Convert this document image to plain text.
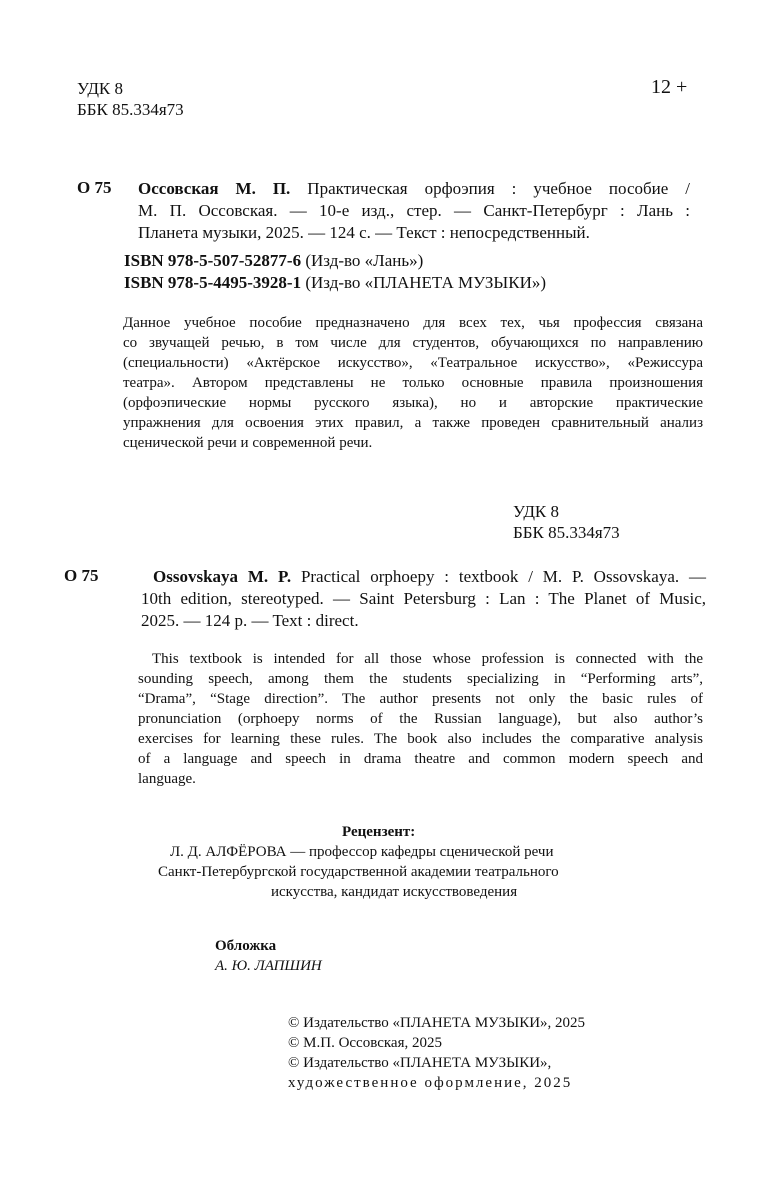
УДК 8
ББК 85.334я73
12 +
О 75 Оссовская М. П. Практическая орфоэпия : учебное пособие /
М. П. Оссовская. — 10-е изд., стер. — Санкт-Петербург : Лань :
Планета музыки, 2025. — 124 с. — Текст : непосредственный.
ISBN 978-5-507-52877-6 (Изд-во «Лань»)
ISBN 978-5-4495-3928-1 (Изд-во «ПЛАНЕТА МУЗЫКИ»)
Данное учебное пособие предназначено для всех тех, чья профессия связана
со звучащей речью, в том числе для студентов, обучающихся по направлению
(специальности) «Актёрское искусство», «Театральное искусство», «Режиссура
театра». Автором представлены не только основные правила произношения
(орфоэпические нормы русского языка), но и авторские практические
упражнения для освоения этих правил, а также проведен сравнительный анализ
сценической речи и современной речи.
УДК 8
ББК 85.334я73
O 75	Ossovskaya M. P. Practical orphoepy : textbook / M. P. Ossovskaya. —
10th edition, stereotyped. — Saint Petersburg : Lan : The Planet of Music,
2025. — 124 p. — Text : direct.
This textbook is intended for all those whose profession is connected with the
sounding speech, among them the students specializing in “Performing arts”,
“Drama”, “Stage direction”. The author presents not only the basic rules of
pronunciation (orphoepy norms of the Russian language), but also author’s
exercises for learning these rules. The book also includes the comparative analysis
of a language and speech in drama theatre and common modern speech and
language.
Рецензент:
Л. Д. АЛФЁРОВА — профессор кафедры сценической речи
Санкт-Петербургской государственной академии театрального
искусства, кандидат искусствоведения
Обложка
А. Ю. ЛАПШИН
© Издательство «ПЛАНЕТА МУЗЫКИ», 2025
© М.П. Оссовская, 2025
© Издательство «ПЛАНЕТА МУЗЫКИ»,
художественное оформление, 2025
